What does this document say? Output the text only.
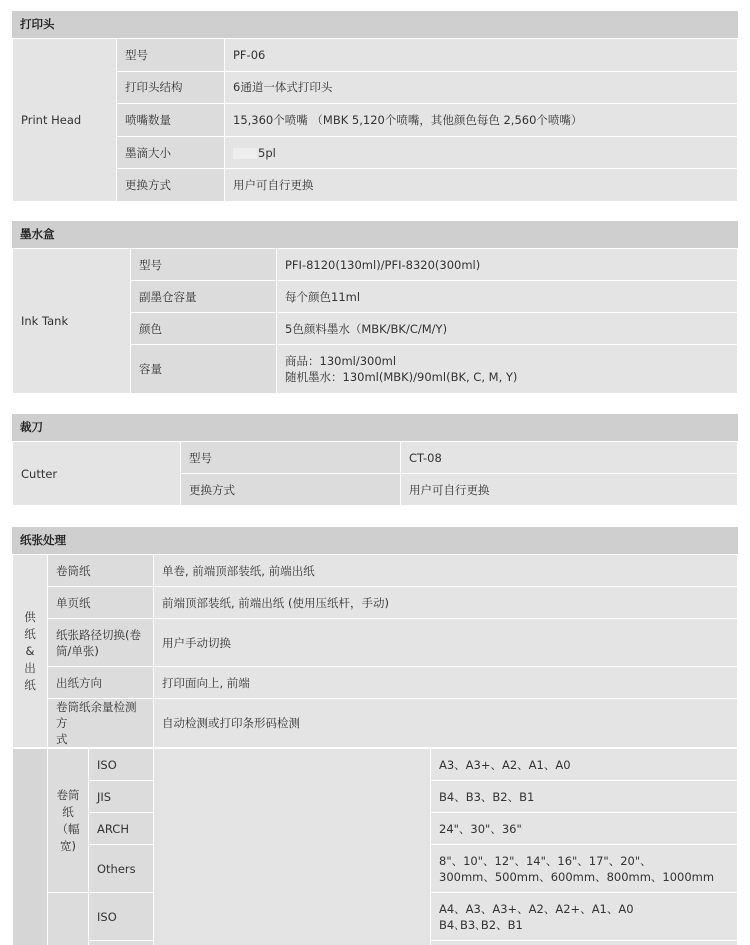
打印头
Print Head	型号	PF-06
	打印头结构	6通道一体式打印头
	喷嘴数量	15,360个喷嘴 （MBK 5,120个喷嘴，其他颜色每色 2,560个喷嘴）
	墨滴大小	5pl
	更换方式	用户可自行更换
墨水盒
Ink Tank	型号	PFI-8120(130ml)/PFI-8320(300ml)
	副墨仓容量	每个颜色11ml
	颜色	5色颜料墨水（MBK/BK/C/M/Y)
	容量	商品：130ml/300ml
随机墨水：130ml(MBK)/90ml(BK, C, M, Y)
裁刀
Cutter	型号	CT-08
	更换方式	用户可自行更换
纸张处理
供
纸
&
出
纸	卷筒纸	单卷, 前端顶部装纸, 前端出纸
	单页纸	前端顶部装纸, 前端出纸 (使用压纸杆，手动)

	纸张路径切换(卷
筒/单张)	用户手动切换
	出纸方向	打印面向上, 前端

	卷筒纸余量检测方
式	自动检测或打印条形码检测

	卷筒
纸
（幅
宽)	ISO		A3、A3+、A2、A1、A0
		JIS		B4、B3、B2、B1
		ARCH		24"、30"、36"
		Others		8"、10"、12"、14"、16"、17"、20"、
300mm、500mm、600mm、800mm、1000mm

		ISO		A4、A3、A3+、A2、A2+、A1、A0
B4､B3､B2、B1
